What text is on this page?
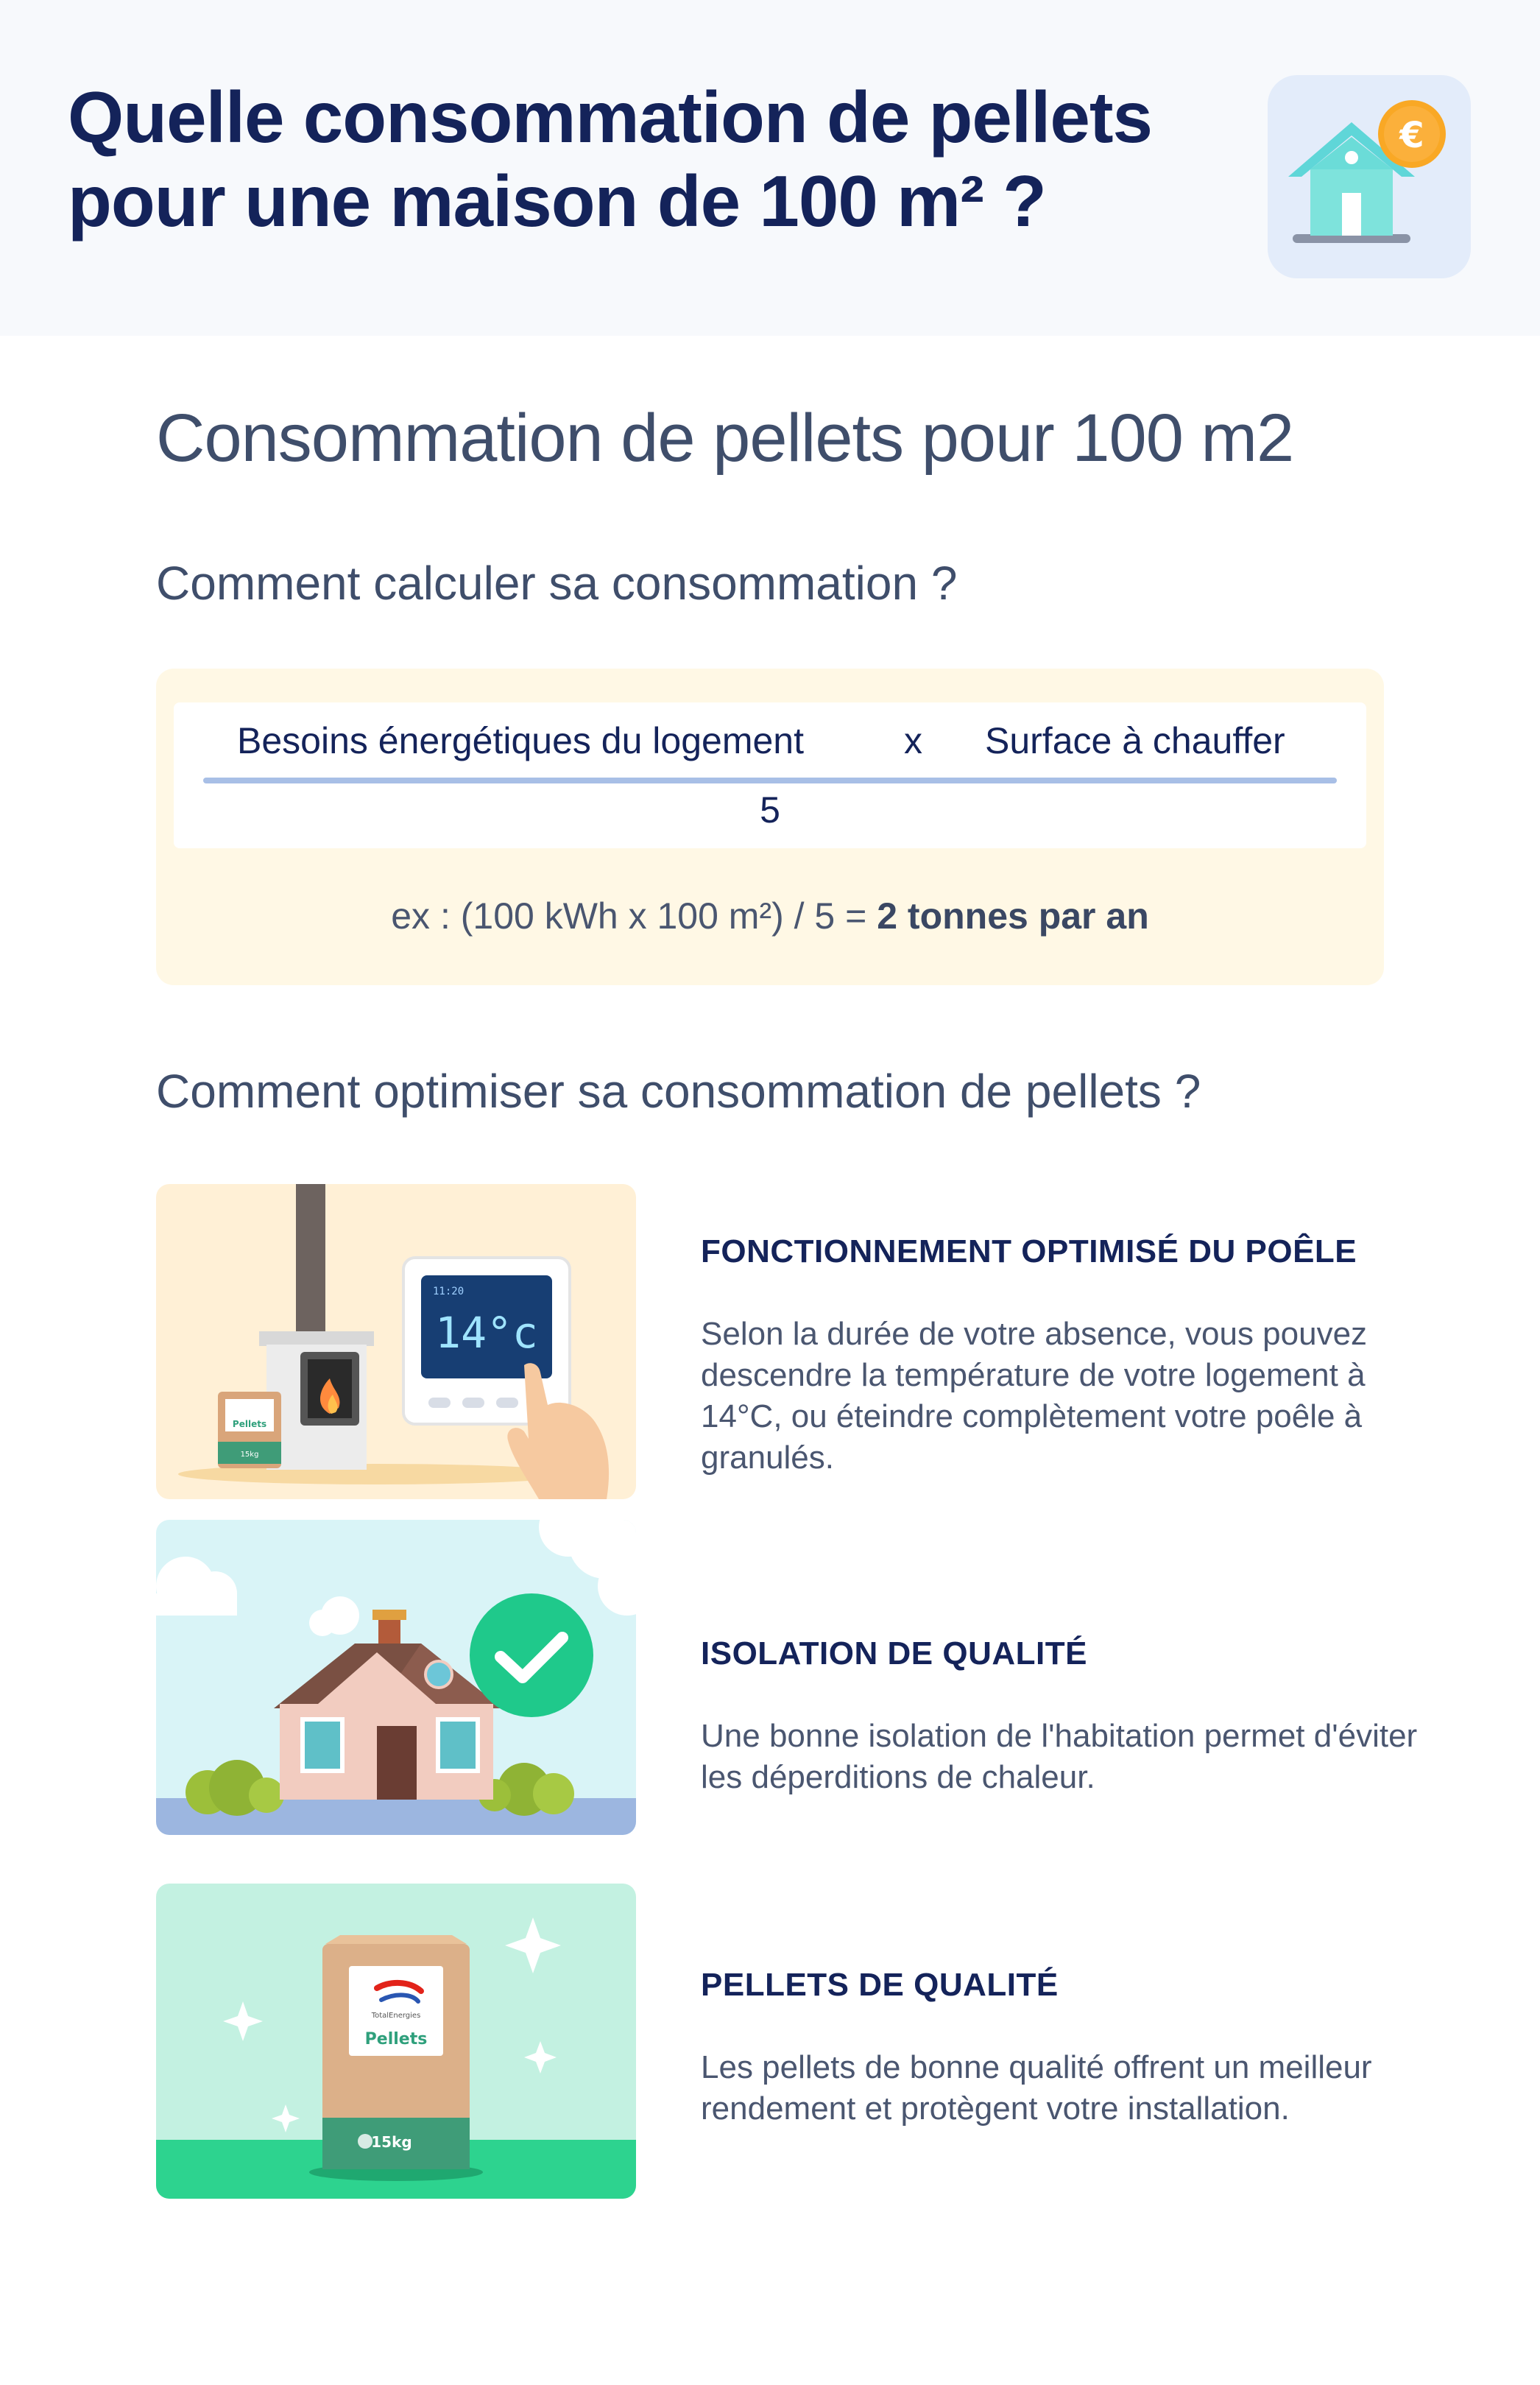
Quelle consommation de pellets
pour une maison de 100 m² ?
€
Consommation de pellets pour 100 m2
Comment calculer sa consommation ?
Besoins énergétiques du logement	x Surface à chauffer
5
ex : (100 kWh x 100 m²) / 5 = 2 tonnes par an
Comment optimiser sa consommation de pellets ?
Pellets
15kg
11:20
14°c
FONCTIONNEMENT OPTIMISÉ DU POÊLE
Selon la durée de votre absence, vous pouvez descendre la température de votre logement à 14°C, ou éteindre complètement votre poêle à granulés.
ISOLATION DE QUALITÉ
Une bonne isolation de l'habitation permet d'éviter les déperditions de chaleur.
TotalEnergies
Pellets
15kg
PELLETS DE QUALITÉ
Les pellets de bonne qualité offrent un meilleur rendement et protègent votre installation.
